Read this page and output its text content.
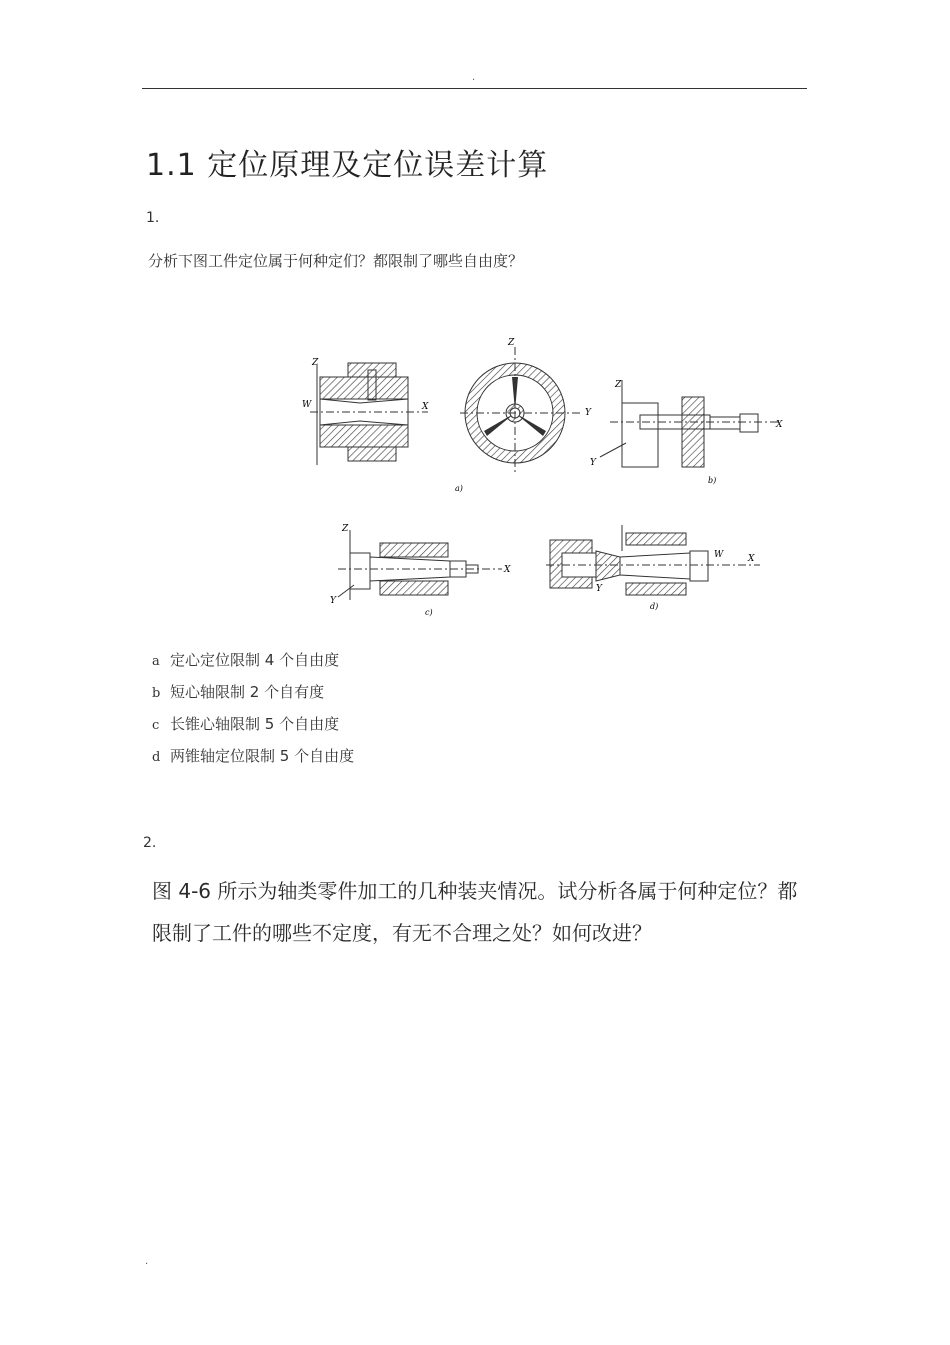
.
1.1 定位原理及定位误差计算
1.
分析下图工件定位属于何种定们？都限制了哪些自由度？
Z
X
W
Z
Y
a)
Z
X
Y
b)
Z
X
Y
c)
W	X
Y
d)
a 定心定位限制 4 个自由度
b 短心轴限制 2 个自有度
c 长锥心轴限制 5 个自由度
d 两锥轴定位限制 5 个自由度
2.

图 4-6 所示为轴类零件加工的几种装夹情况。试分析各属于何种定位？都限制了工件的哪些不定度，有无不合理之处？如何改进？

.
